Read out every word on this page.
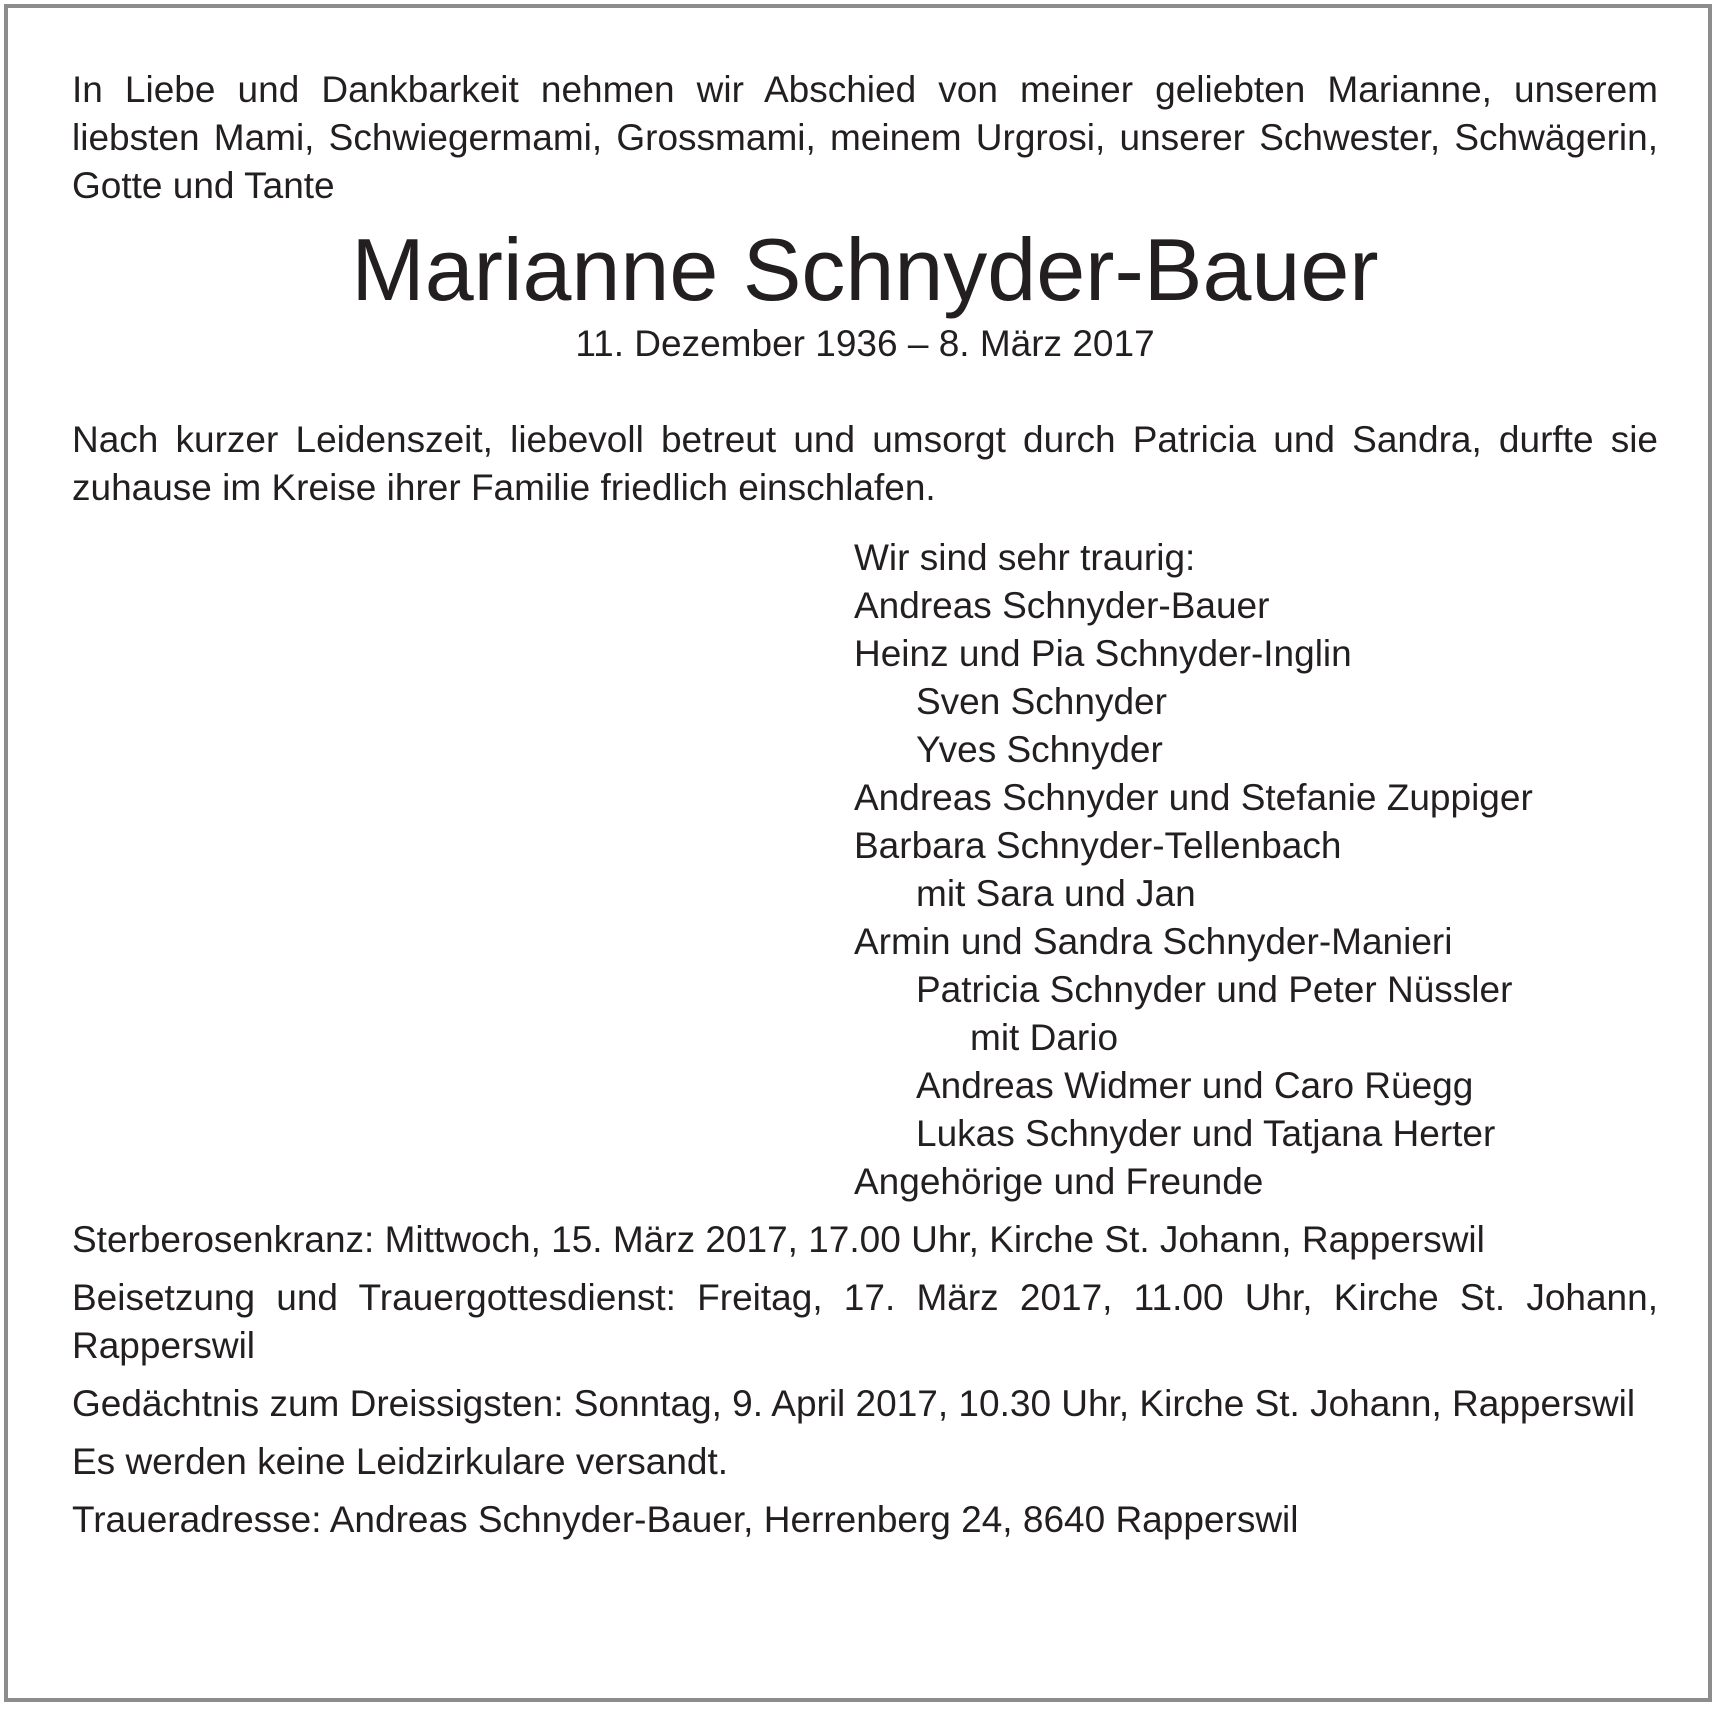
In Liebe und Dankbarkeit nehmen wir Abschied von meiner geliebten Marianne, unserem liebsten Mami, Schwiegermami, Grossmami, meinem Urgrosi, unserer Schwester, Schwägerin, Gotte und Tante

Marianne Schnyder-Bauer

11. Dezember 1936 – 8. März 2017

Nach kurzer Leidenszeit, liebevoll betreut und umsorgt durch Patricia und Sandra, durfte sie zuhause im Kreise ihrer Familie friedlich einschlafen.

Wir sind sehr traurig:
Andreas Schnyder-Bauer
Heinz und Pia Schnyder-Inglin
Sven Schnyder
Yves Schnyder
Andreas Schnyder und Stefanie Zuppiger
Barbara Schnyder-Tellenbach
mit Sara und Jan
Armin und Sandra Schnyder-Manieri
Patricia Schnyder und Peter Nüssler
mit Dario
Andreas Widmer und Caro Rüegg
Lukas Schnyder und Tatjana Herter
Angehörige und Freunde

Sterberosenkranz: Mittwoch, 15. März 2017, 17.00 Uhr, Kirche St. Johann, Rapperswil

Beisetzung und Trauergottesdienst: Freitag, 17. März 2017, 11.00 Uhr, Kirche St. Johann, Rapperswil

Gedächtnis zum Dreissigsten: Sonntag, 9. April 2017, 10.30 Uhr, Kirche St. Johann, Rapperswil

Es werden keine Leidzirkulare versandt.

Traueradresse: Andreas Schnyder-Bauer, Herrenberg 24, 8640 Rapperswil
